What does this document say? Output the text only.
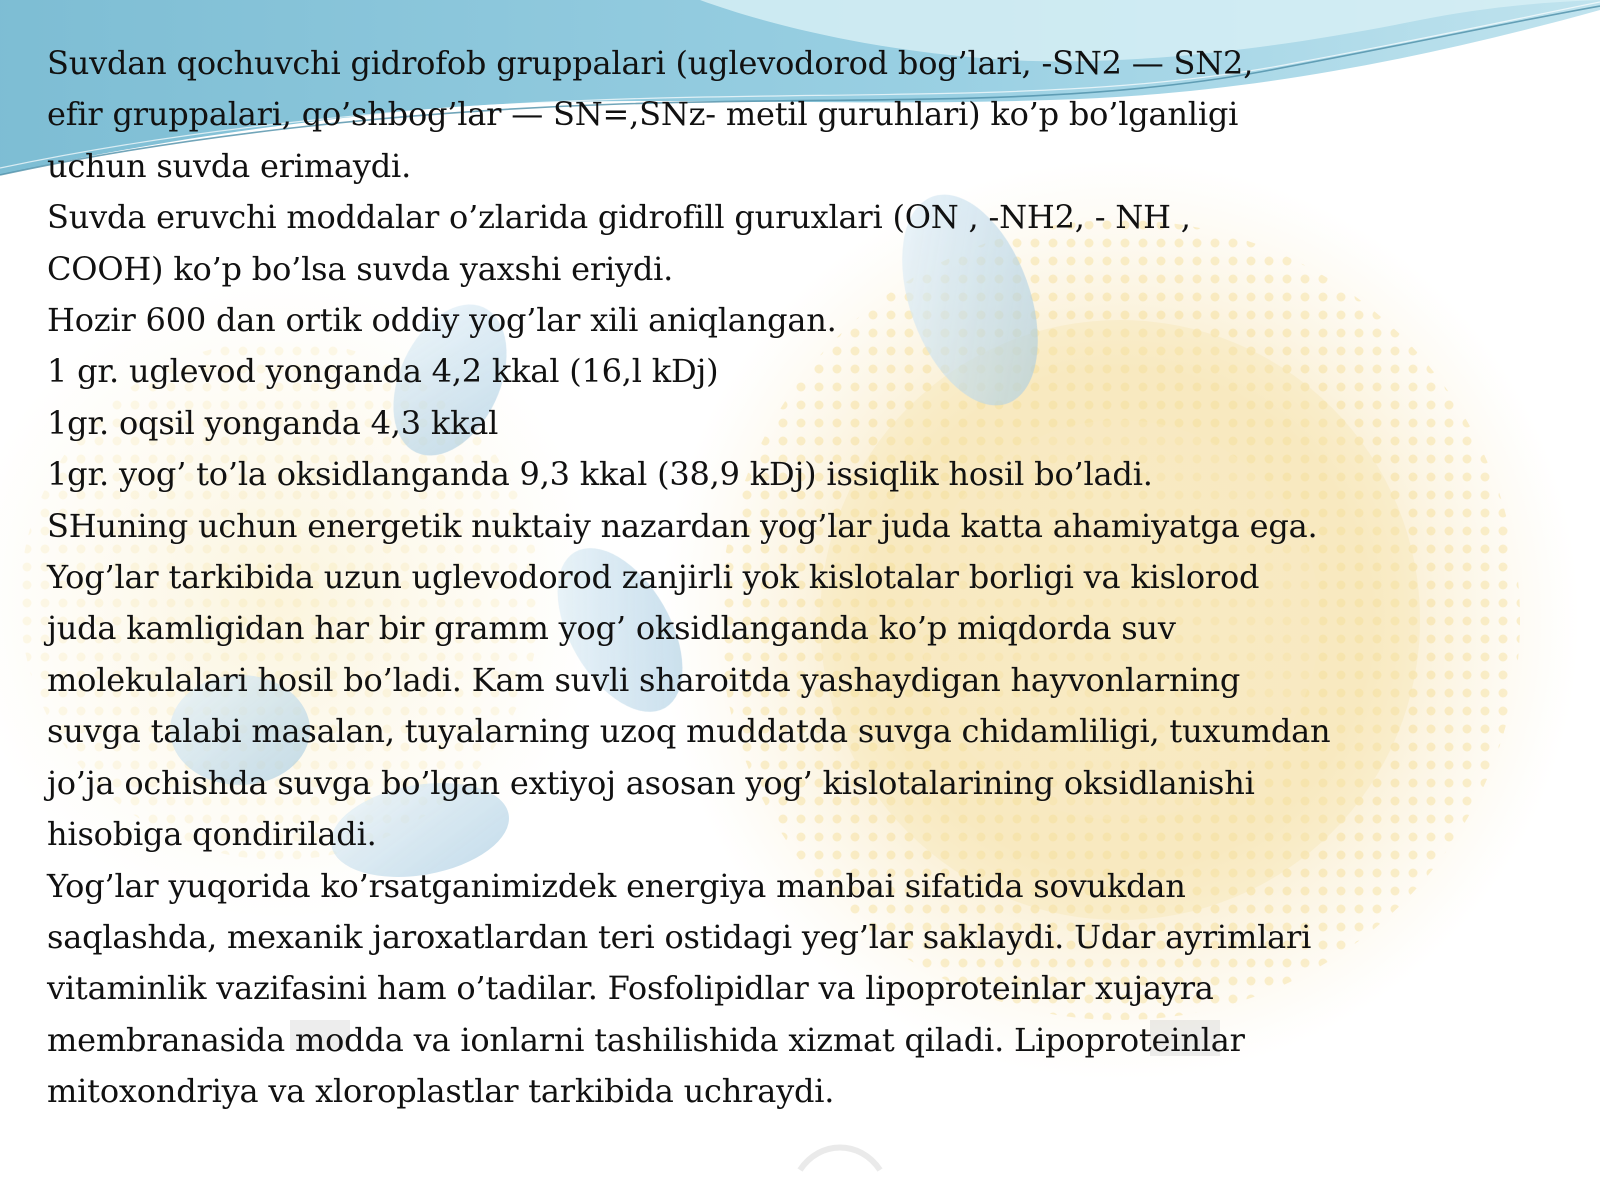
Suvdan qochuvchi gidrofob gruppalari (uglevodorod bog’lari, -SN2 — SN2,
efir gruppalari, qo’shbog’lar — SN=,SNz- metil guruhlari) ko’p bo’lganligi
uchun suvda erimaydi.
Suvda eruvchi moddalar o’zlarida gidrofill guruxlari (ON , -NH2, - NH ,
COOH) ko’p bo’lsa suvda yaxshi eriydi.
Hozir 600 dan ortik oddiy yog’lar xili aniqlangan.
1 gr. uglevod yonganda 4,2 kkal (16,l kDj)
1gr. oqsil yonganda 4,3 kkal
1gr. yog’ to’la oksidlanganda 9,3 kkal (38,9 kDj) issiqlik hosil bo’ladi.
SHuning uchun energetik nuktaiy nazardan yog’lar juda katta ahamiyatga ega.
Yog’lar tarkibida uzun uglevodorod zanjirli yok kislotalar borligi va kislorod
juda kamligidan har bir gramm yog’ oksidlanganda ko’p miqdorda suv
molekulalari hosil bo’ladi. Kam suvli sharoitda yashaydigan hayvonlarning
suvga talabi masalan, tuyalarning uzoq muddatda suvga chidamliligi, tuxumdan
jo’ja ochishda suvga bo’lgan extiyoj asosan yog’ kislotalarining oksidlanishi
hisobiga qondiriladi.
Yog’lar yuqorida ko’rsatganimizdek energiya manbai sifatida sovukdan
saqlashda, mexanik jaroxatlardan teri ostidagi yeg’lar saklaydi. Udar ayrimlari
vitaminlik vazifasini ham o’tadilar. Fosfolipidlar va lipoproteinlar xujayra
membranasida modda va ionlarni tashilishida xizmat qiladi. Lipoproteinlar
mitoxondriya va xloroplastlar tarkibida uchraydi.
